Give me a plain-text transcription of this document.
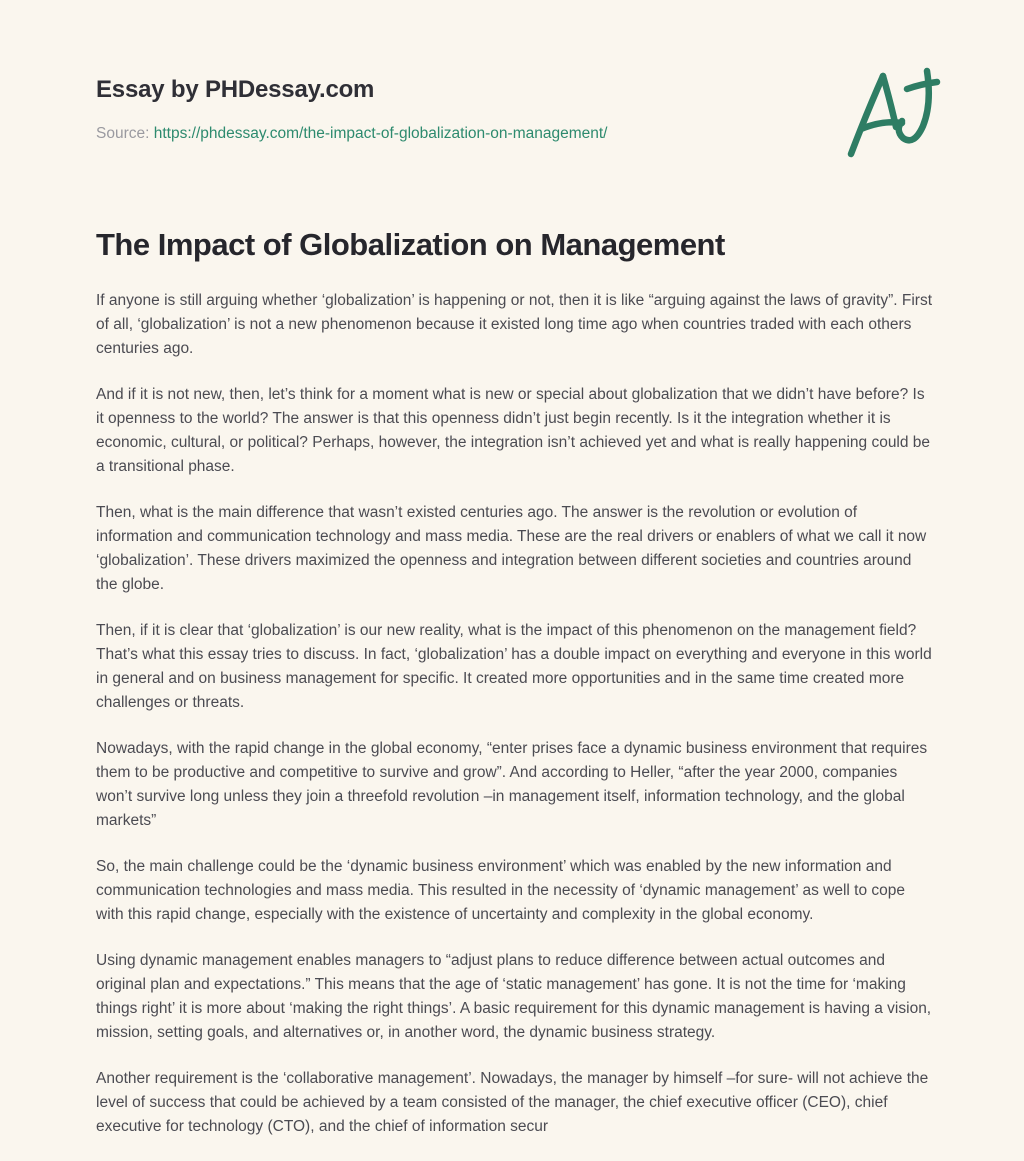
Essay by PHDessay.com
Source: https://phdessay.com/the-impact-of-globalization-on-management/
The Impact of Globalization on Management

If anyone is still arguing whether ‘globalization’ is happening or not, then it is like “arguing against the laws of gravity”. First of all, ‘globalization’ is not a new phenomenon because it existed long time ago when countries traded with each others centuries ago.

And if it is not new, then, let’s think for a moment what is new or special about globalization that we didn’t have before? Is it openness to the world? The answer is that this openness didn’t just begin recently. Is it the integration whether it is economic, cultural, or political? Perhaps, however, the integration isn’t achieved yet and what is really happening could be a transitional phase.

Then, what is the main difference that wasn’t existed centuries ago. The answer is the revolution or evolution of information and communication technology and mass media. These are the real drivers or enablers of what we call it now ‘globalization’. These drivers maximized the openness and integration between different societies and countries around the globe.

Then, if it is clear that ‘globalization’ is our new reality, what is the impact of this phenomenon on the management field? That’s what this essay tries to discuss. In fact, ‘globalization’ has a double impact on everything and everyone in this world in general and on business management for specific. It created more opportunities and in the same time created more challenges or threats.

Nowadays, with the rapid change in the global economy, “enter prises face a dynamic business environment that requires them to be productive and competitive to survive and grow”. And according to Heller, “after the year 2000, companies won’t survive long unless they join a threefold revolution –in management itself, information technology, and the global markets”

So, the main challenge could be the ‘dynamic business environment’ which was enabled by the new information and communication technologies and mass media. This resulted in the necessity of ‘dynamic management’ as well to cope with this rapid change, especially with the existence of uncertainty and complexity in the global economy.

Using dynamic management enables managers to “adjust plans to reduce difference between actual outcomes and original plan and expectations.” This means that the age of ‘static management’ has gone. It is not the time for ‘making things right’ it is more about ‘making the right things’. A basic requirement for this dynamic management is having a vision, mission, setting goals, and alternatives or, in another word, the dynamic business strategy.

Another requirement is the ‘collaborative management’. Nowadays, the manager by himself –for sure- will not achieve the level of success that could be achieved by a team consisted of the manager, the chief executive officer (CEO), chief executive for technology (CTO), and the chief of information secur
